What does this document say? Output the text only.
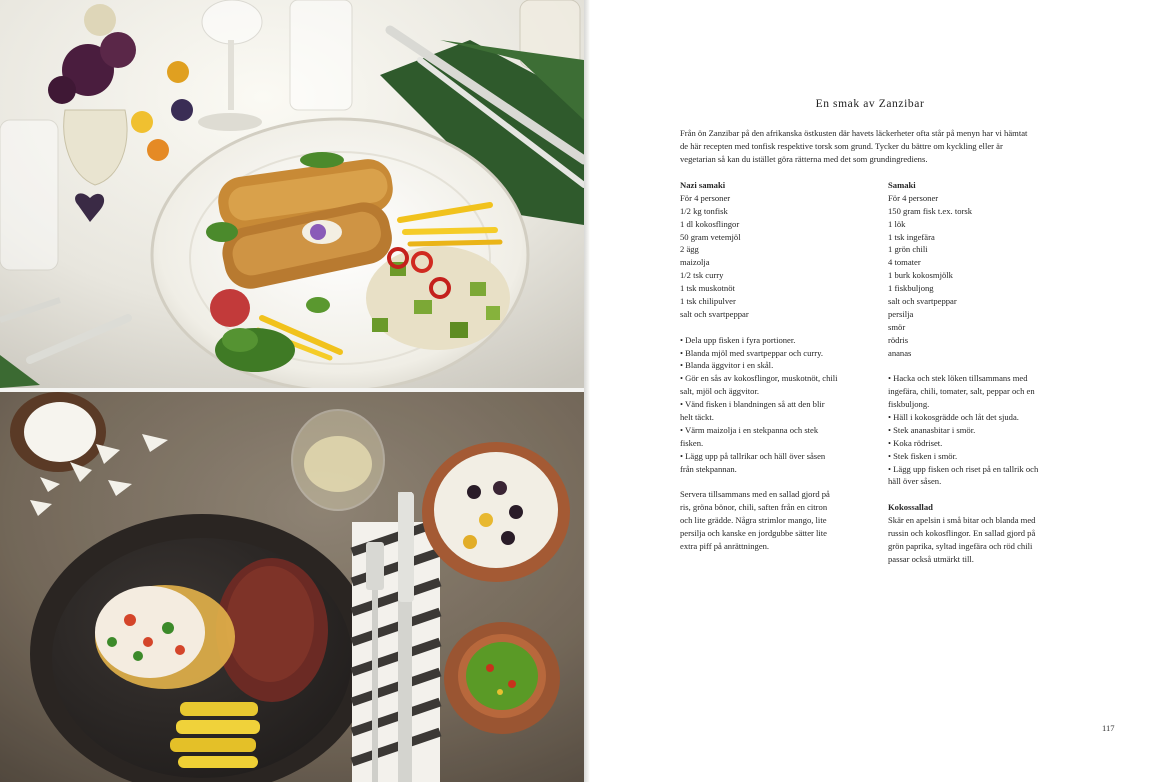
En smak av Zanzibar
Från ön Zanzibar på den afrikanska östkusten där havets läckerheter ofta står på menyn har vi hämtat
de här recepten med tonfisk respektive torsk som grund. Tycker du bättre om kyckling eller är
vegetarian så kan du istället göra rätterna med det som grundingrediens.
Nazi samaki
För 4 personer
1/2 kg tonfisk
1 dl kokosflingor
50 gram vetemjöl
2 ägg
maizolja
1/2 tsk curry
1 tsk muskotnöt
1 tsk chilipulver
salt och svartpeppar
• Dela upp fisken i fyra portioner.
• Blanda mjöl med svartpeppar och curry.
• Blanda äggvitor i en skål.
• Gör en sås av kokosflingor, muskotnöt, chili
salt, mjöl och äggvitor.
• Vänd fisken i blandningen så att den blir
helt täckt.
• Värm maizolja i en stekpanna och stek
fisken.
• Lägg upp på tallrikar och häll över såsen
från stekpannan.
Servera tillsammans med en sallad gjord på
ris, gröna bönor, chili, saften från en citron
och lite grädde. Några strimlor mango, lite
persilja och kanske en jordgubbe sätter lite
extra piff på anrättningen.
Samaki
För 4 personer
150 gram fisk t.ex. torsk
1 lök
1 tsk ingefära
1 grön chili
4 tomater
1 burk kokosmjölk
1 fiskbuljong
salt och svartpeppar
persilja
smör
rödris
ananas
• Hacka och stek löken tillsammans med
ingefära, chili, tomater, salt, peppar och en
fiskbuljong.
• Häll i kokosgrädde och låt det sjuda.
• Stek ananasbitar i smör.
• Koka rödriset.
• Stek fisken i smör.
• Lägg upp fisken och riset på en tallrik och
häll över såsen.
Kokossallad
Skär en apelsin i små bitar och blanda med
russin och kokosflingor. En sallad gjord på
grön paprika, syltad ingefära och röd chili
passar också utmärkt till.
117
